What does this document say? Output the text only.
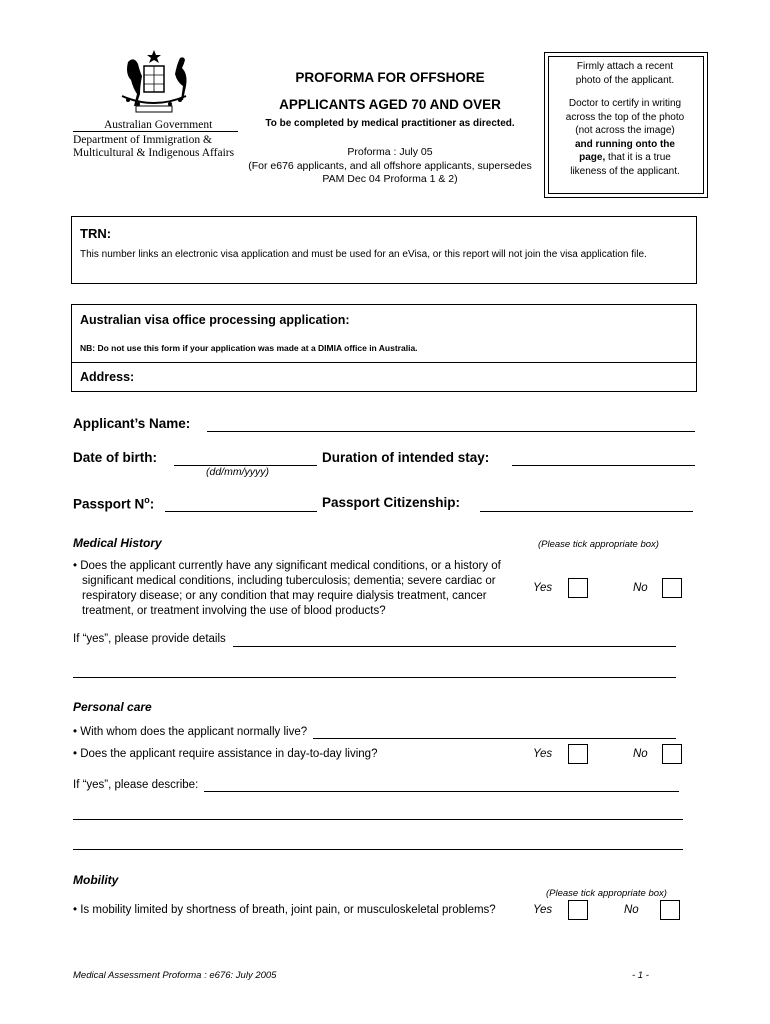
Australian Government
Department of Immigration &
Multicultural & Indigenous Affairs
PROFORMA FOR OFFSHORE
APPLICANTS AGED 70 AND OVER
To be completed by medical practitioner as directed.
Proforma : July 05
(For e676 applicants, and all offshore applicants, supersedes
PAM Dec 04 Proforma 1 & 2)
Firmly attach a recent
photo of the applicant.
Doctor to certify in writing
across the top of the photo
(not across the image)
and running onto the
page, that it is a true
likeness of the applicant.
TRN:
This number links an electronic visa application and must be used for an eVisa, or this report will not join the visa application file.
Australian visa office processing application:
NB: Do not use this form if your application was made at a DIMIA office in Australia.
Address:
Applicant’s Name:
Date of birth:
(dd/mm/yyyy)
Duration of intended stay:
Passport $N^o$:	Passport Citizenship:
Medical History	(Please tick appropriate box)
• Does the applicant currently have any significant medical conditions, or a history of
significant medical conditions, including tuberculosis; dementia; severe cardiac or
respiratory disease; or any condition that may require dialysis treatment, cancer
treatment, or treatment involving the use of blood products?
Yes	No
If “yes”, please provide details
Personal care
• With whom does the applicant normally live?
• Does the applicant require assistance in day-to-day living?	Yes	No
If “yes”, please describe:
Mobility
(Please tick appropriate box)
• Is mobility limited by shortness of breath, joint pain, or musculoskeletal problems?	Yes	No
Medical Assessment Proforma : e676: July 2005	- 1 -
